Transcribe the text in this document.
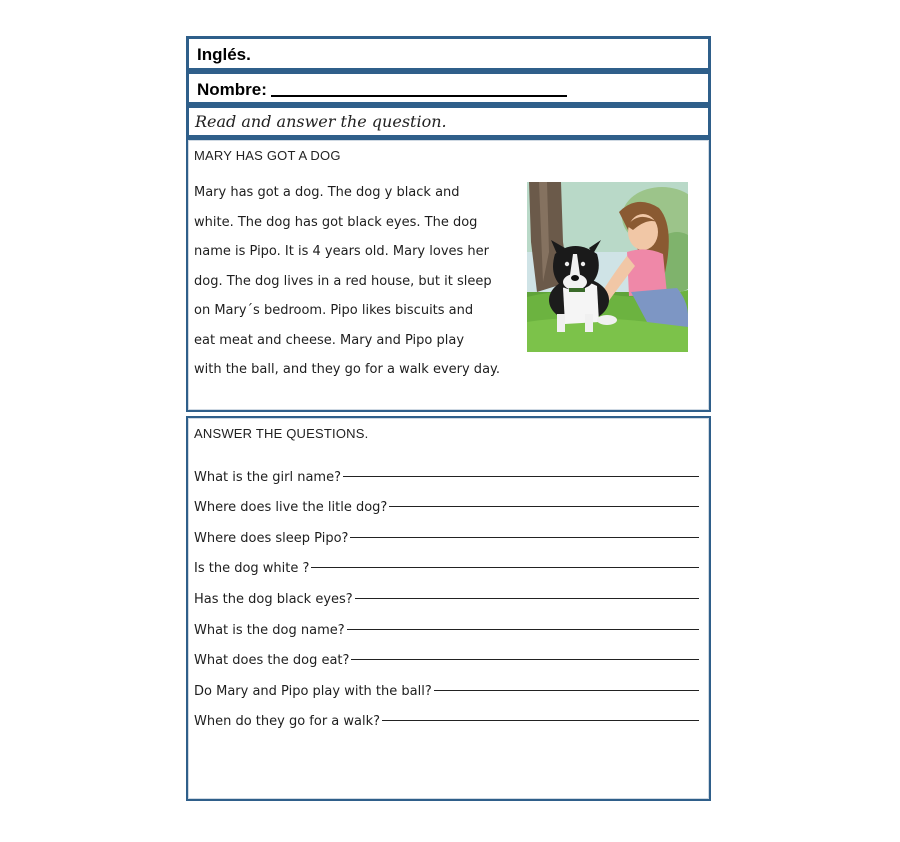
Inglés.
Nombre:
Read and answer the question.
MARY HAS GOT A DOG
Mary has got a dog. The dog y black and
white. The dog has got black eyes. The dog
name is Pipo. It is 4 years old. Mary loves her
dog. The dog lives in a red house, but it sleep
on Mary´s bedroom. Pipo likes biscuits and
eat meat and cheese. Mary and Pipo play
with the ball, and they go for a walk every day.
ANSWER THE QUESTIONS.
What is the girl name?
Where does live the litle dog?
Where does sleep Pipo?
Is the dog white ?
Has the dog black eyes?
What is the dog name?
What does the dog eat?
Do Mary and Pipo play with the ball?
When do they go for a walk?
